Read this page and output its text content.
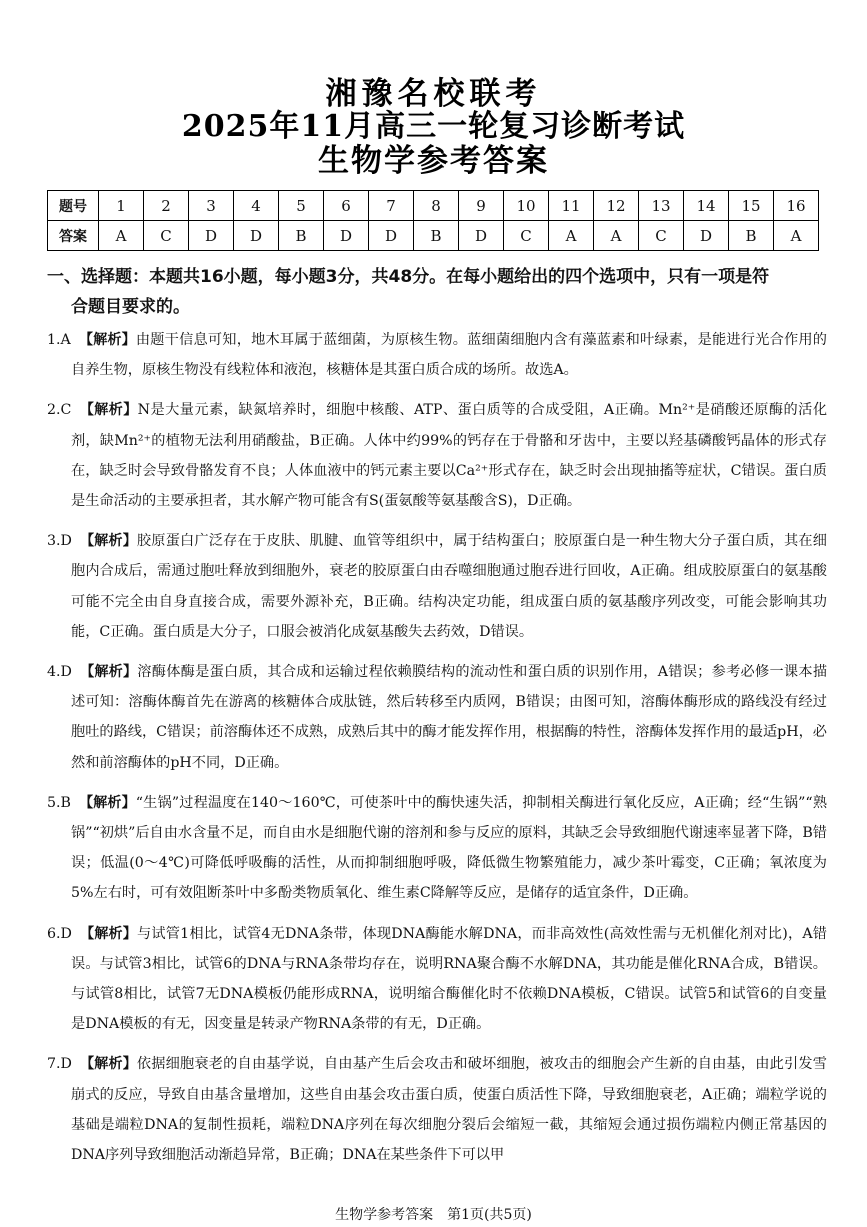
湘豫名校联考
2025年11月高三一轮复习诊断考试
生物学参考答案
题号	1	2	3	4	5	6	7	8	9	10	11	12	13	14	15	16
答案	A	C	D	D	B	D	D	B	D	C	A	A	C	D	B	A

一、选择题：本题共16小题，每小题3分，共48分。在每小题给出的四个选项中，只有一项是符
合题目要求的。

1.A 【解析】由题干信息可知，地木耳属于蓝细菌，为原核生物。蓝细菌细胞内含有藻蓝素和叶绿素，是能进行光合作用的自养生物，原核生物没有线粒体和液泡，核糖体是其蛋白质合成的场所。故选A。

2.C 【解析】N是大量元素，缺氮培养时，细胞中核酸、ATP、蛋白质等的合成受阻，A正确。Mn²⁺是硝酸还原酶的活化剂，缺Mn²⁺的植物无法利用硝酸盐，B正确。人体中约99%的钙存在于骨骼和牙齿中，主要以羟基磷酸钙晶体的形式存在，缺乏时会导致骨骼发育不良；人体血液中的钙元素主要以Ca²⁺形式存在，缺乏时会出现抽搐等症状，C错误。蛋白质是生命活动的主要承担者，其水解产物可能含有S(蛋氨酸等氨基酸含S)，D正确。

3.D 【解析】胶原蛋白广泛存在于皮肤、肌腱、血管等组织中，属于结构蛋白；胶原蛋白是一种生物大分子蛋白质，其在细胞内合成后，需通过胞吐释放到细胞外，衰老的胶原蛋白由吞噬细胞通过胞吞进行回收，A正确。组成胶原蛋白的氨基酸可能不完全由自身直接合成，需要外源补充，B正确。结构决定功能，组成蛋白质的氨基酸序列改变，可能会影响其功能，C正确。蛋白质是大分子，口服会被消化成氨基酸失去药效，D错误。

4.D 【解析】溶酶体酶是蛋白质，其合成和运输过程依赖膜结构的流动性和蛋白质的识别作用，A错误；参考必修一课本描述可知：溶酶体酶首先在游离的核糖体合成肽链，然后转移至内质网，B错误；由图可知，溶酶体酶形成的路线没有经过胞吐的路线，C错误；前溶酶体还不成熟，成熟后其中的酶才能发挥作用，根据酶的特性，溶酶体发挥作用的最适pH，必然和前溶酶体的pH不同，D正确。

5.B 【解析】“生锅”过程温度在140～160℃，可使茶叶中的酶快速失活，抑制相关酶进行氧化反应，A正确；经“生锅”“熟锅”“初烘”后自由水含量不足，而自由水是细胞代谢的溶剂和参与反应的原料，其缺乏会导致细胞代谢速率显著下降，B错误；低温(0～4℃)可降低呼吸酶的活性，从而抑制细胞呼吸，降低微生物繁殖能力，减少茶叶霉变，C正确；氧浓度为5%左右时，可有效阻断茶叶中多酚类物质氧化、维生素C降解等反应，是储存的适宜条件，D正确。

6.D 【解析】与试管1相比，试管4无DNA条带，体现DNA酶能水解DNA，而非高效性(高效性需与无机催化剂对比)，A错误。与试管3相比，试管6的DNA与RNA条带均存在，说明RNA聚合酶不水解DNA，其功能是催化RNA合成，B错误。与试管8相比，试管7无DNA模板仍能形成RNA，说明缩合酶催化时不依赖DNA模板，C错误。试管5和试管6的自变量是DNA模板的有无，因变量是转录产物RNA条带的有无，D正确。

7.D 【解析】依据细胞衰老的自由基学说，自由基产生后会攻击和破坏细胞，被攻击的细胞会产生新的自由基，由此引发雪崩式的反应，导致自由基含量增加，这些自由基会攻击蛋白质，使蛋白质活性下降，导致细胞衰老，A正确；端粒学说的基础是端粒DNA的复制性损耗，端粒DNA序列在每次细胞分裂后会缩短一截，其缩短会通过损伤端粒内侧正常基因的DNA序列导致细胞活动渐趋异常，B正确；DNA在某些条件下可以甲

生物学参考答案　第1页(共5页)
